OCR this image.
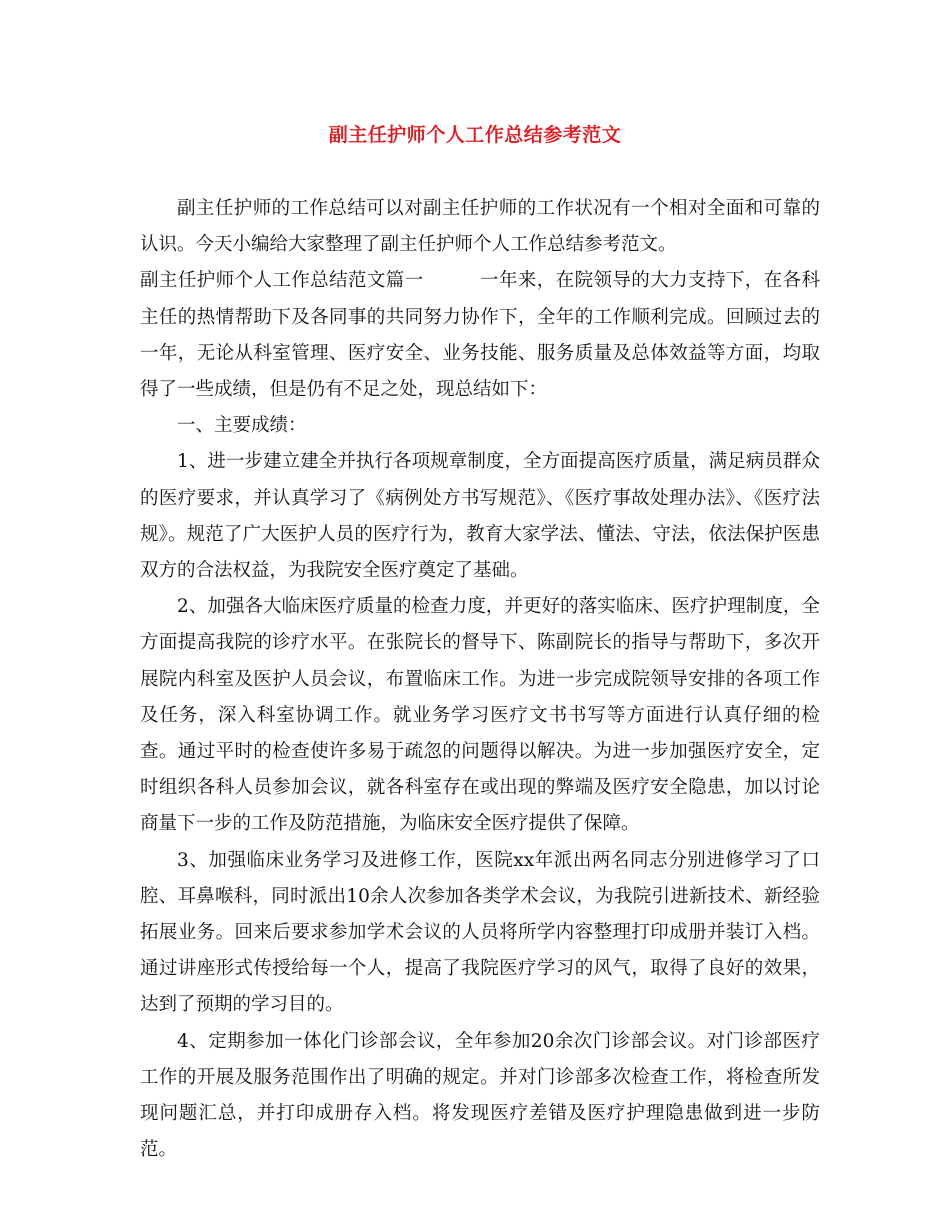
副主任护师个人工作总结参考范文

副主任护师的工作总结可以对副主任护师的工作状况有一个相对全面和可靠的认识。今天小编给大家整理了副主任护师个人工作总结参考范文。

副主任护师个人工作总结范文篇一	一年来，在院领导的大力支持下，在各科主任的热情帮助下及各同事的共同努力协作下，全年的工作顺利完成。回顾过去的一年，无论从科室管理、医疗安全、业务技能、服务质量及总体效益等方面，均取得了一些成绩，但是仍有不足之处，现总结如下：

一、主要成绩：

1、进一步建立建全并执行各项规章制度，全方面提高医疗质量，满足病员群众的医疗要求，并认真学习了《病例处方书写规范》、《医疗事故处理办法》、《医疗法规》。规范了广大医护人员的医疗行为，教育大家学法、懂法、守法，依法保护医患双方的合法权益，为我院安全医疗奠定了基础。

2、加强各大临床医疗质量的检查力度，并更好的落实临床、医疗护理制度，全方面提高我院的诊疗水平。在张院长的督导下、陈副院长的指导与帮助下，多次开展院内科室及医护人员会议，布置临床工作。为进一步完成院领导安排的各项工作及任务，深入科室协调工作。就业务学习医疗文书书写等方面进行认真仔细的检查。通过平时的检查使许多易于疏忽的问题得以解决。为进一步加强医疗安全，定时组织各科人员参加会议，就各科室存在或出现的弊端及医疗安全隐患，加以讨论商量下一步的工作及防范措施，为临床安全医疗提供了保障。

3、加强临床业务学习及进修工作，医院xx年派出两名同志分别进修学习了口腔、耳鼻喉科，同时派出10余人次参加各类学术会议，为我院引进新技术、新经验拓展业务。回来后要求参加学术会议的人员将所学内容整理打印成册并装订入档。通过讲座形式传授给每一个人，提高了我院医疗学习的风气，取得了良好的效果，达到了预期的学习目的。

4、定期参加一体化门诊部会议，全年参加20余次门诊部会议。对门诊部医疗工作的开展及服务范围作出了明确的规定。并对门诊部多次检查工作，将检查所发现问题汇总，并打印成册存入档。将发现医疗差错及医疗护理隐患做到进一步防范。
